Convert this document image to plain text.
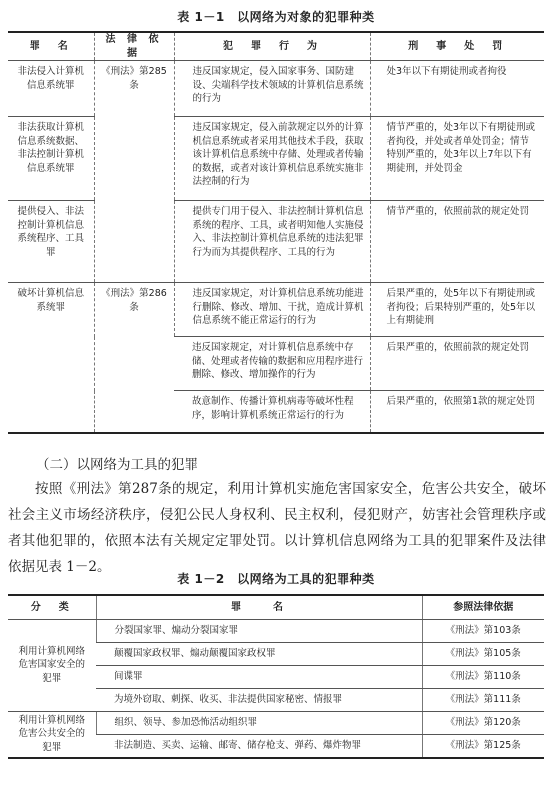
表 1－1　以网络为对象的犯罪种类
罪　名	法 律 依 据	犯　罪　行　为	刑　事　处　罚
非法侵入计算机信息系统罪	《刑法》第285条	违反国家规定，侵入国家事务、国防建设、尖端科学技术领域的计算机信息系统的行为	处3年以下有期徒刑或者拘役
非法获取计算机信息系统数据、非法控制计算机信息系统罪		违反国家规定，侵入前款规定以外的计算机信息系统或者采用其他技术手段，获取该计算机信息系统中存储、处理或者传输的数据，或者对该计算机信息系统实施非法控制的行为	情节严重的，处3年以下有期徒刑或者拘役，并处或者单处罚金；情节特别严重的，处3年以上7年以下有期徒刑，并处罚金
提供侵入、非法控制计算机信息系统程序、工具罪		提供专门用于侵入、非法控制计算机信息系统的程序、工具，或者明知他人实施侵入、非法控制计算机信息系统的违法犯罪行为而为其提供程序、工具的行为	情节严重的，依照前款的规定处罚
破坏计算机信息系统罪	《刑法》第286条	违反国家规定，对计算机信息系统功能进行删除、修改、增加、干扰，造成计算机信息系统不能正常运行的行为	后果严重的，处5年以下有期徒刑或者拘役；后果特别严重的，处5年以上有期徒刑
		违反国家规定，对计算机信息系统中存储、处理或者传输的数据和应用程序进行删除、修改、增加操作的行为	后果严重的，依照前款的规定处罚
		故意制作、传播计算机病毒等破坏性程序，影响计算机系统正常运行的行为	后果严重的，依照第1款的规定处罚
（二）以网络为工具的犯罪
按照《刑法》第287条的规定，利用计算机实施危害国家安全，危害公共安全，破坏社会主义市场经济秩序，侵犯公民人身权利、民主权利，侵犯财产，妨害社会管理秩序或者其他犯罪的，依照本法有关规定定罪处罚。以计算机信息网络为工具的犯罪案件及法律依据见表 1－2。
表 1－2　以网络为工具的犯罪种类
分　类	罪　　名	参照法律依据
利用计算机网络危害国家安全的犯罪	分裂国家罪、煽动分裂国家罪	《刑法》第103条
	颠覆国家政权罪、煽动颠覆国家政权罪	《刑法》第105条
	间谍罪	《刑法》第110条
	为境外窃取、刺探、收买、非法提供国家秘密、情报罪	《刑法》第111条
利用计算机网络危害公共安全的犯罪	组织、领导、参加恐怖活动组织罪	《刑法》第120条
	非法制造、买卖、运输、邮寄、储存枪支、弹药、爆炸物罪	《刑法》第125条
